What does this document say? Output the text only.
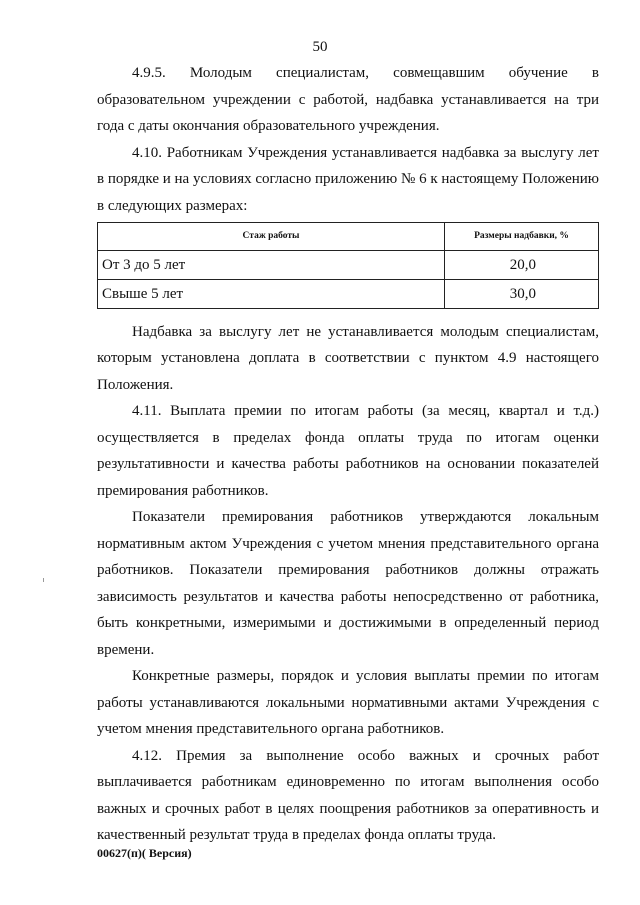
50

4.9.5. Молодым специалистам, совмещавшим обучение в образовательном учреждении с работой, надбавка устанавливается на три года с даты окончания образовательного учреждения.

4.10. Работникам Учреждения устанавливается надбавка за выслугу лет в порядке и на условиях согласно приложению № 6 к настоящему Положению в следующих размерах:

Стаж работы	Размеры надбавки, %
От 3 до 5 лет	20,0
Свыше 5 лет	30,0

Надбавка за выслугу лет не устанавливается молодым специалистам, которым установлена доплата в соответствии с пунктом 4.9 настоящего Положения.

4.11. Выплата премии по итогам работы (за месяц, квартал и т.д.) осуществляется в пределах фонда оплаты труда по итогам оценки результативности и качества работы работников на основании показателей премирования работников.

Показатели премирования работников утверждаются локальным нормативным актом Учреждения с учетом мнения представительного органа работников. Показатели премирования работников должны отражать зависимость результатов и качества работы непосредственно от работника, быть конкретными, измеримыми и достижимыми в определенный период времени.

Конкретные размеры, порядок и условия выплаты премии по итогам работы устанавливаются локальными нормативными актами Учреждения с учетом мнения представительного органа работников.

4.12. Премия за выполнение особо важных и срочных работ выплачивается работникам единовременно по итогам выполнения особо важных и срочных работ в целях поощрения работников за оперативность и качественный результат труда в пределах фонда оплаты труда.

00627(п)( Версия)
